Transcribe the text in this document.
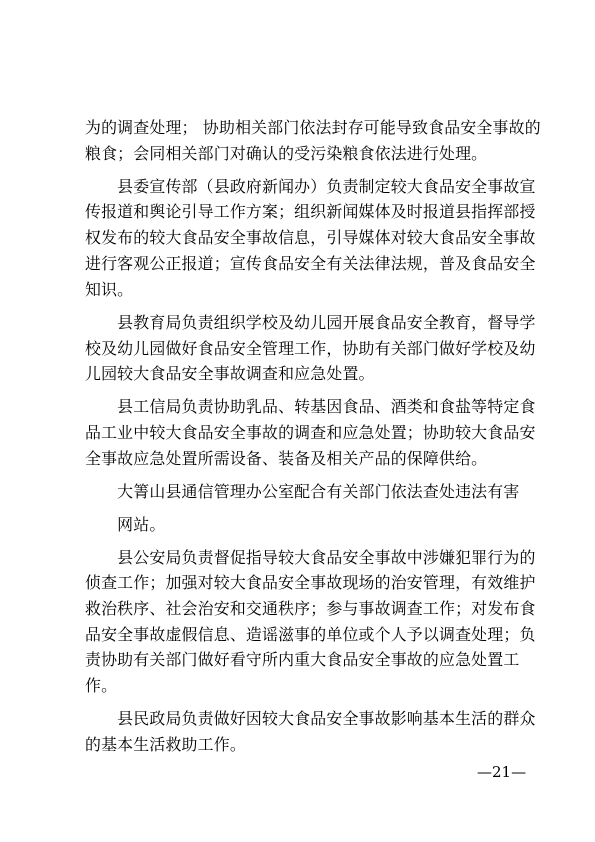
为的调查处理； 协助相关部门依法封存可能导致食品安全事故的
粮食；会同相关部门对确认的受污染粮食依法进行处理。
　　县委宣传部（县政府新闻办）负责制定较大食品安全事故宣
传报道和舆论引导工作方案；组织新闻媒体及时报道县指挥部授
权发布的较大食品安全事故信息，引导媒体对较大食品安全事故
进行客观公正报道；宣传食品安全有关法律法规，普及食品安全
知识。
　　县教育局负责组织学校及幼儿园开展食品安全教育，督导学
校及幼儿园做好食品安全管理工作，协助有关部门做好学校及幼
儿园较大食品安全事故调查和应急处置。
　　县工信局负责协助乳品、转基因食品、酒类和食盐等特定食
品工业中较大食品安全事故的调查和应急处置；协助较大食品安
全事故应急处置所需设备、装备及相关产品的保障供给。
　　大箐山县通信管理办公室配合有关部门依法查处违法有害
　　网站。
　　县公安局负责督促指导较大食品安全事故中涉嫌犯罪行为的
侦查工作；加强对较大食品安全事故现场的治安管理，有效维护
救治秩序、社会治安和交通秩序；参与事故调查工作；对发布食
品安全事故虚假信息、造谣滋事的单位或个人予以调查处理；负
责协助有关部门做好看守所内重大食品安全事故的应急处置工
作。
　　县民政局负责做好因较大食品安全事故影响基本生活的群众
的基本生活救助工作。
—21—
